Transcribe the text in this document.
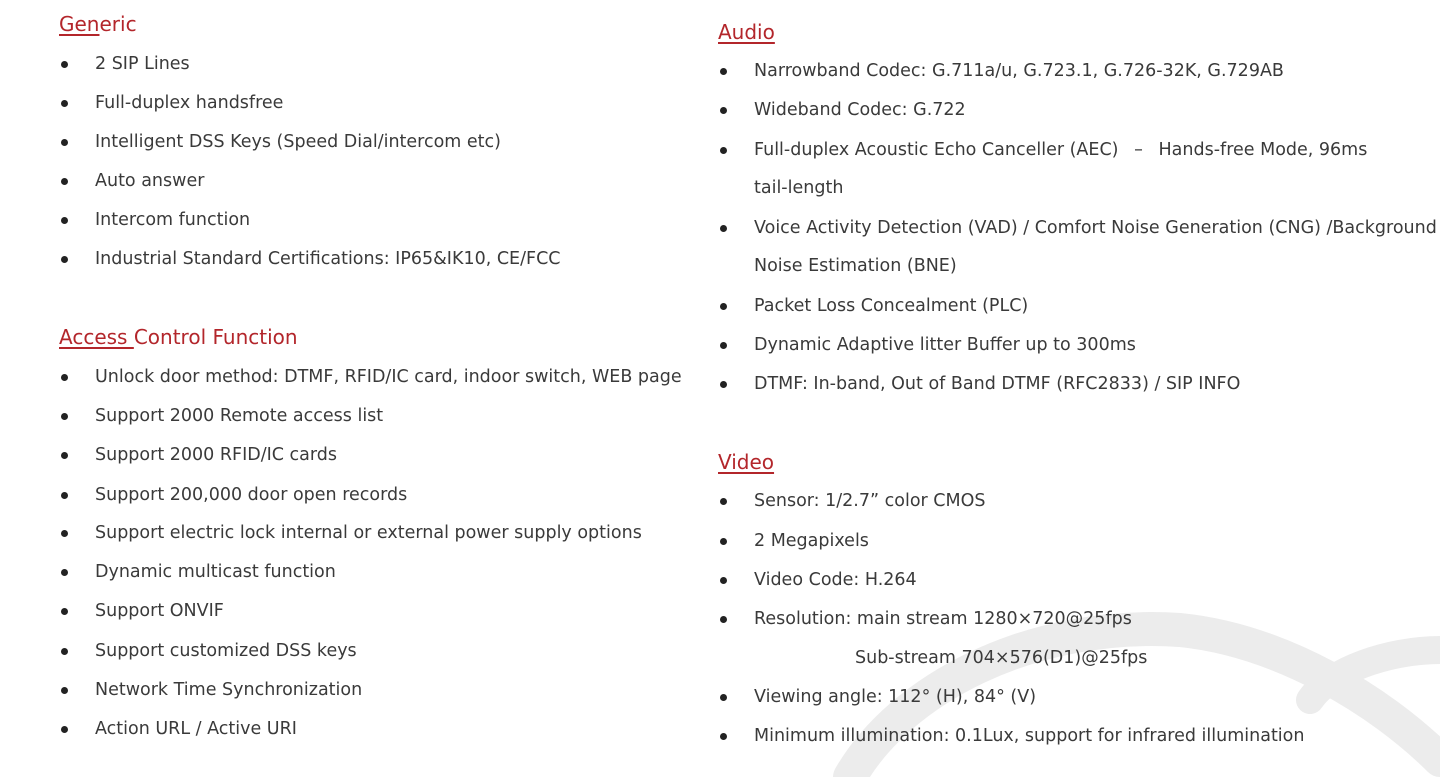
Generic
2 SIP Lines
Full-duplex handsfree
Intelligent DSS Keys (Speed Dial/intercom etc)
Auto answer
Intercom function
Industrial Standard Certifications: IP65&IK10, CE/FCC
Access Control Function
Unlock door method: DTMF, RFID/IC card, indoor switch, WEB page
Support 2000 Remote access list
Support 2000 RFID/IC cards
Support 200,000 door open records
Support electric lock internal or external power supply options
Dynamic multicast function
Support ONVIF
Support customized DSS keys
Network Time Synchronization
Action URL / Active URI
Audio
Narrowband Codec: G.711a/u, G.723.1, G.726-32K, G.729AB
Wideband Codec: G.722
Full-duplex Acoustic Echo Canceller (AEC) – Hands-free Mode, 96ms
tail-length
Voice Activity Detection (VAD) / Comfort Noise Generation (CNG) /Background
Noise Estimation (BNE)
Packet Loss Concealment (PLC)
Dynamic Adaptive litter Buffer up to 300ms
DTMF: In-band, Out of Band DTMF (RFC2833) / SIP INFO
Video
Sensor: 1/2.7” color CMOS
2 Megapixels
Video Code: H.264
Resolution: main stream 1280×720@25fps
Sub-stream 704×576(D1)@25fps
Viewing angle: 112° (H), 84° (V)
Minimum illumination: 0.1Lux, support for infrared illumination
